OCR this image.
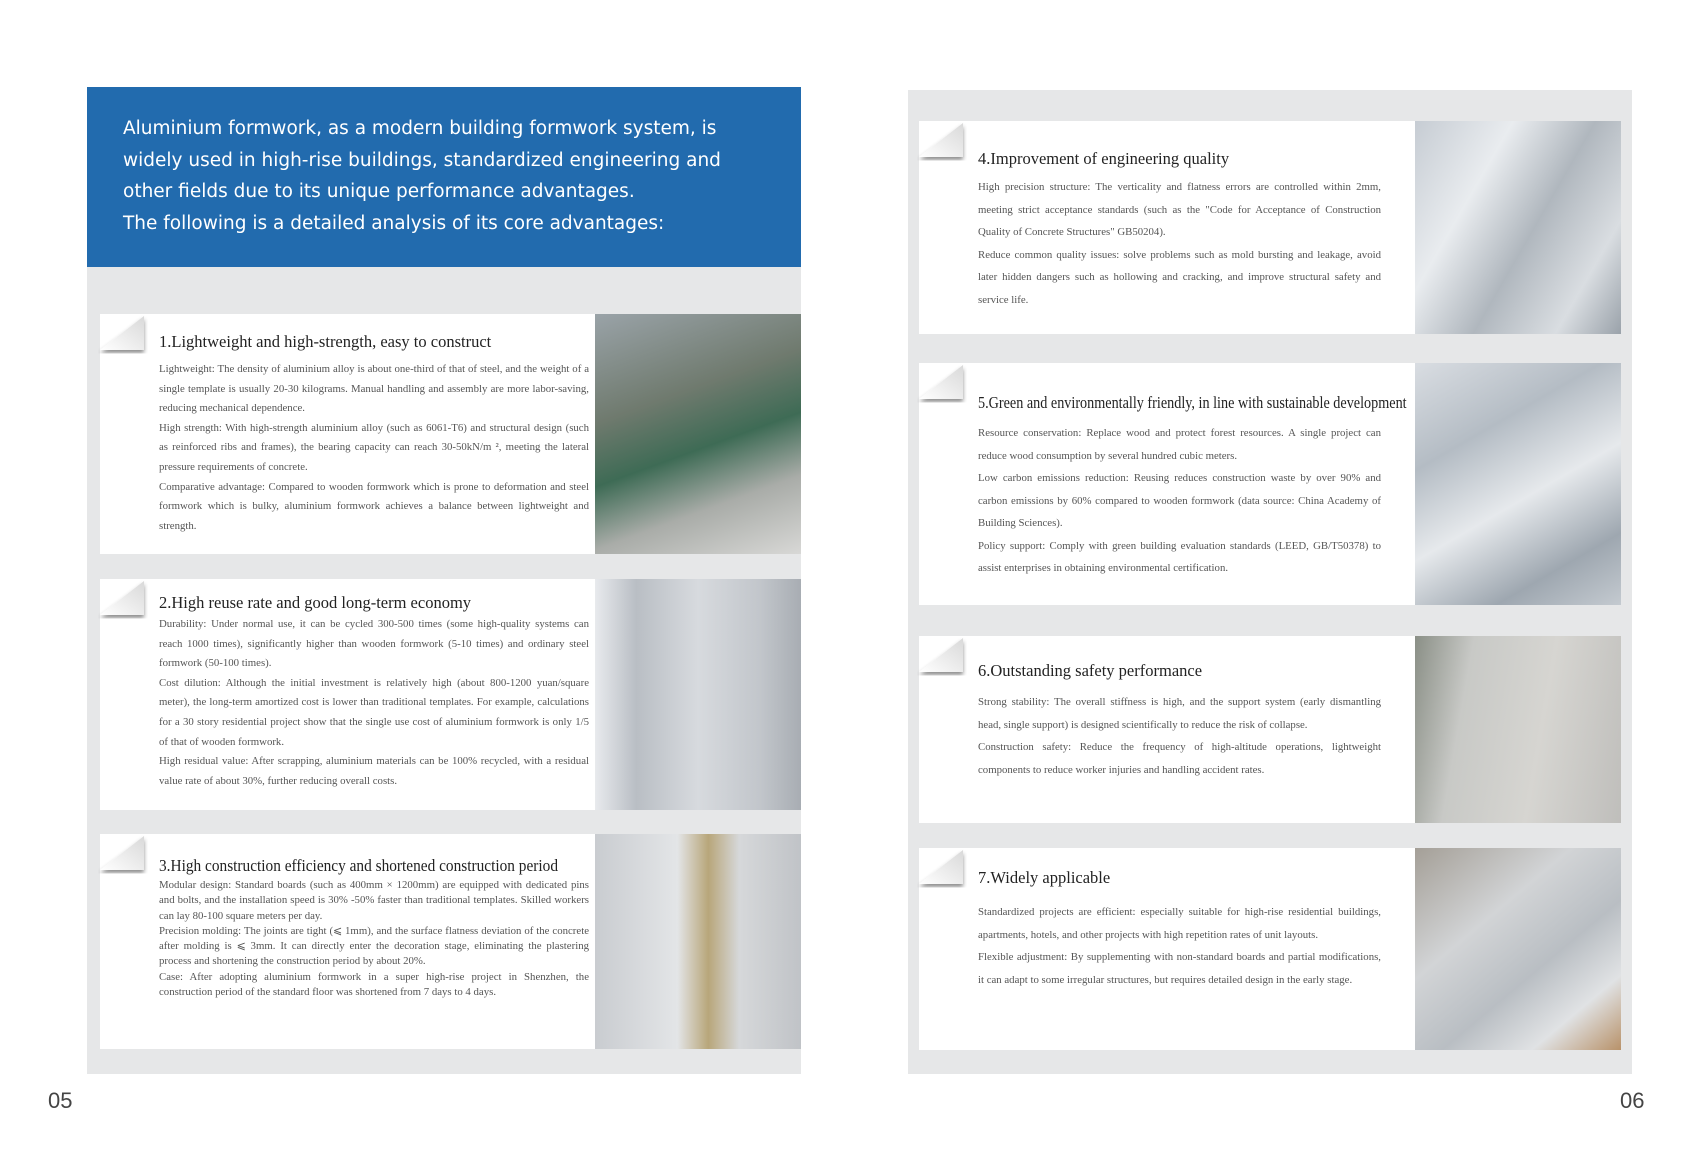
Aluminium formwork, as a modern building formwork system, is widely used in high-rise buildings, standardized engineering and other fields due to its unique performance advantages.

The following is a detailed analysis of its core advantages:

1.Lightweight and high-strength, easy to construct

Lightweight: The density of aluminium alloy is about one-third of that of steel, and the weight of a single template is usually 20-30 kilograms. Manual handling and assembly are more labor-saving, reducing mechanical dependence.

High strength: With high-strength aluminium alloy (such as 6061-T6) and structural design (such as reinforced ribs and frames), the bearing capacity can reach 30-50kN/m ², meeting the lateral pressure requirements of concrete.

Comparative advantage: Compared to wooden formwork which is prone to deformation and steel formwork which is bulky, aluminium formwork achieves a balance between lightweight and strength.

2.High reuse rate and good long-term economy

Durability: Under normal use, it can be cycled 300-500 times (some high-quality systems can reach 1000 times), significantly higher than wooden formwork (5-10 times) and ordinary steel formwork (50-100 times).

Cost dilution: Although the initial investment is relatively high (about 800-1200 yuan/square meter), the long-term amortized cost is lower than traditional templates. For example, calculations for a 30 story residential project show that the single use cost of aluminium formwork is only 1/5 of that of wooden formwork.

High residual value: After scrapping, aluminium materials can be 100% recycled, with a residual value rate of about 30%, further reducing overall costs.

3.High construction efficiency and shortened construction period

Modular design: Standard boards (such as 400mm × 1200mm) are equipped with dedicated pins and bolts, and the installation speed is 30% -50% faster than traditional templates. Skilled workers can lay 80-100 square meters per day.

Precision molding: The joints are tight (⩽ 1mm), and the surface flatness deviation of the concrete after molding is ⩽ 3mm. It can directly enter the decoration stage, eliminating the plastering process and shortening the construction period by about 20%.

Case: After adopting aluminium formwork in a super high-rise project in Shenzhen, the construction period of the standard floor was shortened from 7 days to 4 days.

4.Improvement of engineering quality

High precision structure: The verticality and flatness errors are controlled within 2mm, meeting strict acceptance standards (such as the "Code for Acceptance of Construction Quality of Concrete Structures" GB50204).

Reduce common quality issues: solve problems such as mold bursting and leakage, avoid later hidden dangers such as hollowing and cracking, and improve structural safety and service life.

5.Green and environmentally friendly, in line with sustainable development

Resource conservation: Replace wood and protect forest resources. A single project can reduce wood consumption by several hundred cubic meters.

Low carbon emissions reduction: Reusing reduces construction waste by over 90% and carbon emissions by 60% compared to wooden formwork (data source: China Academy of Building Sciences).

Policy support: Comply with green building evaluation standards (LEED, GB/T50378) to assist enterprises in obtaining environmental certification.

6.Outstanding safety performance

Strong stability: The overall stiffness is high, and the support system (early dismantling head, single support) is designed scientifically to reduce the risk of collapse.

Construction safety: Reduce the frequency of high-altitude operations, lightweight components to reduce worker injuries and handling accident rates.

7.Widely applicable

Standardized projects are efficient: especially suitable for high-rise residential buildings, apartments, hotels, and other projects with high repetition rates of unit layouts.

Flexible adjustment: By supplementing with non-standard boards and partial modifications, it can adapt to some irregular structures, but requires detailed design in the early stage.

05	06
